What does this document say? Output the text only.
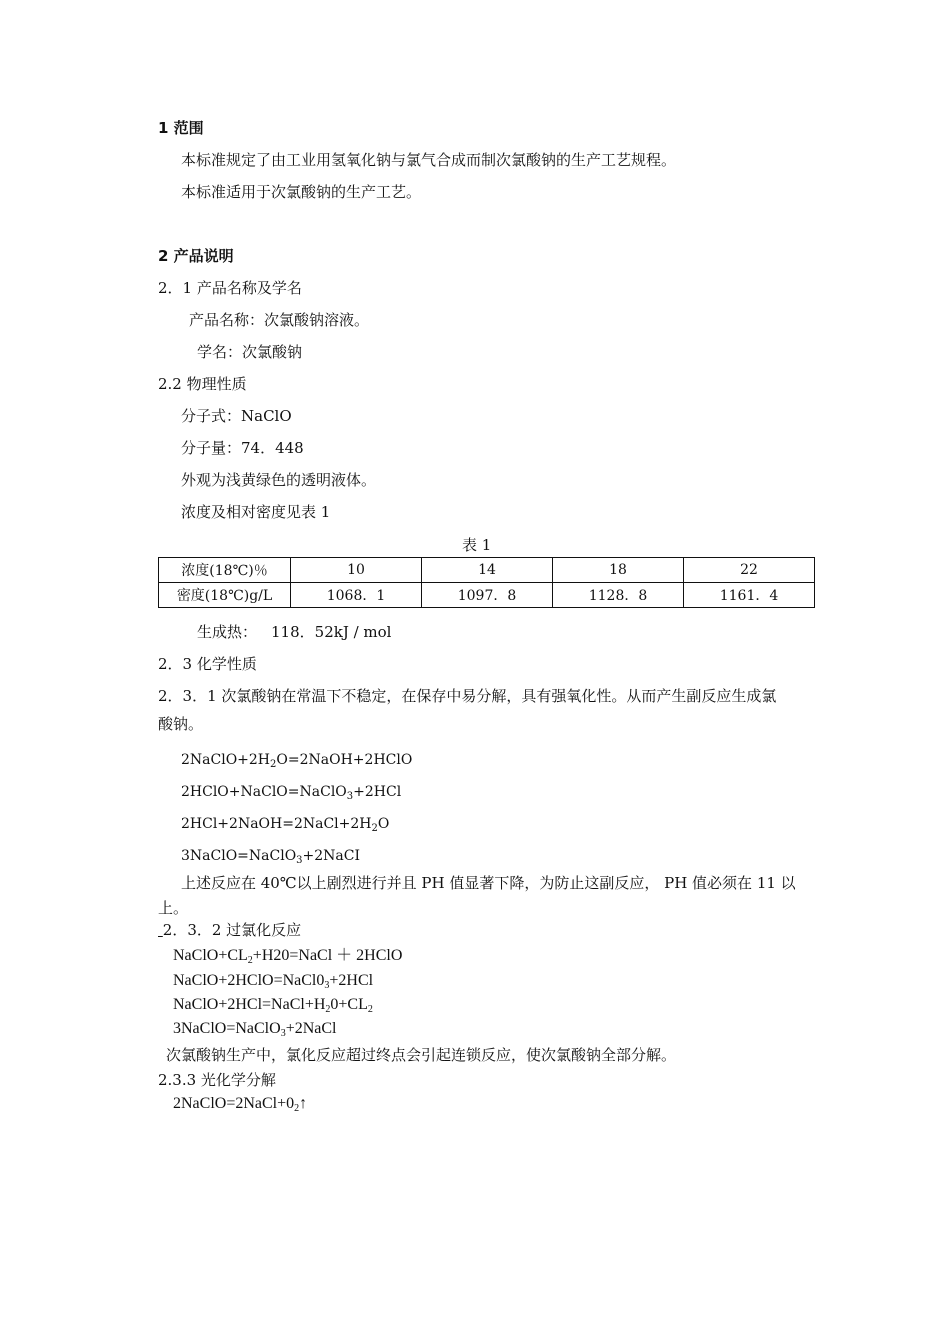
1 范围
本标准规定了由工业用氢氧化钠与氯气合成而制次氯酸钠的生产工艺规程。
本标准适用于次氯酸钠的生产工艺。
2 产品说明
2．1 产品名称及学名
产品名称：次氯酸钠溶液。
学名：次氯酸钠
2.2 物理性质
分子式：NaClO
分子量：74．448
外观为浅黄绿色的透明液体。
浓度及相对密度见表 1
表 1
浓度(18℃)％	10	14	18	22
密度(18℃)g/L	1068．1	1097．8	1128．8	1161．4
生成热： 118．52kJ / mol
2．3 化学性质
2．3．1 次氯酸钠在常温下不稳定，在保存中易分解，具有强氧化性。从而产生副反应生成氯
酸钠。
$2NaClO+2H_2O=2NaOH+2HClO$
2HClO+NaClO=NaClO$_3$+2HCl
$2HCl+2NaOH=2NaCl+2H_2O$
3NaClO=NaClO$_3$+2NaCI
上述反应在 40℃以上剧烈进行并且 PH 值显著下降，为防止这副反应， PH 值必须在 11 以
上。
2．3．2 过氯化反应
$NaClO+CL_2+H20=NaCl$ ＋ 2HClO
$NaClO+2HClO=NaCl0_3+2HCl$
$NaClO+2HCl=NaCl+H_20+CL_2$
3NaClO=NaClO$_3$+2NaCl
次氯酸钠生产中，氯化反应超过终点会引起连锁反应，使次氯酸钠全部分解。
2.3.3 光化学分解
$2NaClO=2NaCl+0_2↑$
